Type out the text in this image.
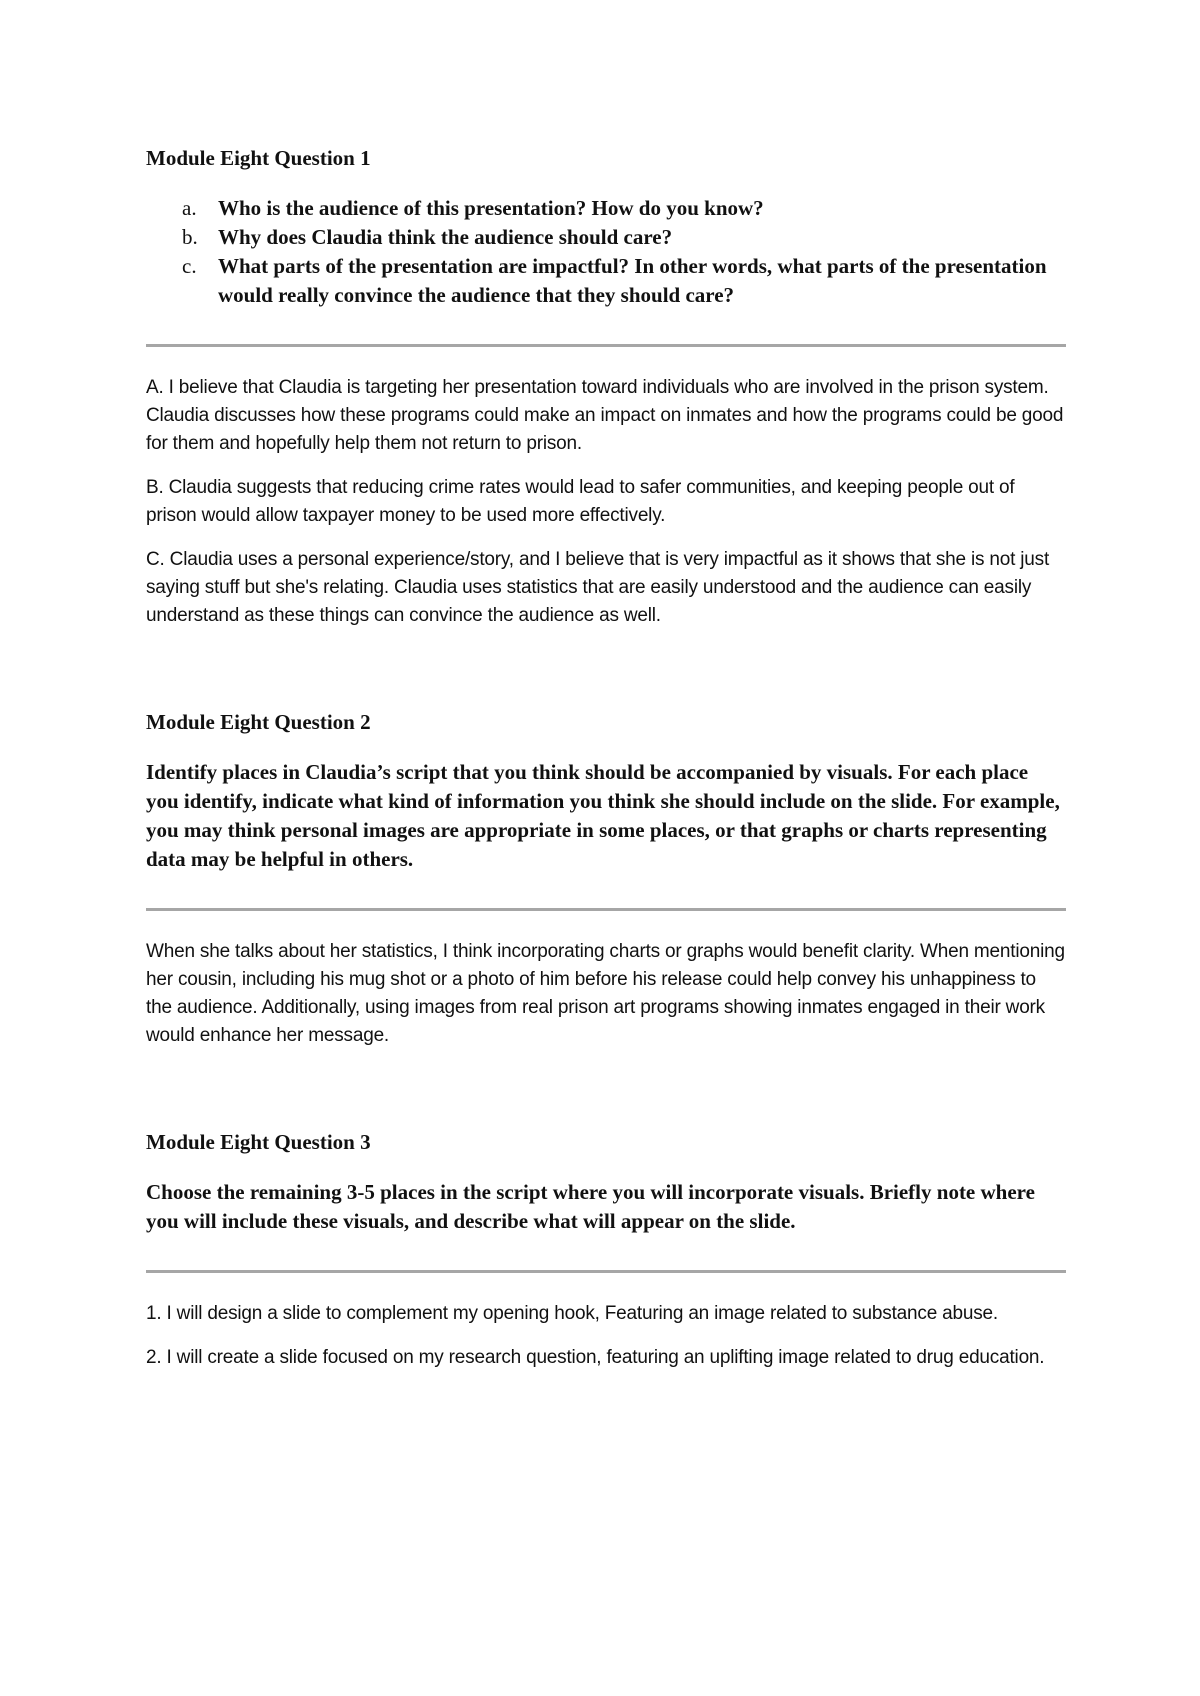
Module Eight Question 1
a. Who is the audience of this presentation? How do you know?
b. Why does Claudia think the audience should care?
c. What parts of the presentation are impactful? In other words, what parts of the presentation would really convince the audience that they should care?

A. I believe that Claudia is targeting her presentation toward individuals who are involved in the prison system. Claudia discusses how these programs could make an impact on inmates and how the programs could be good for them and hopefully help them not return to prison.

B. Claudia suggests that reducing crime rates would lead to safer communities, and keeping people out of prison would allow taxpayer money to be used more effectively.

C. Claudia uses a personal experience/story, and I believe that is very impactful as it shows that she is not just saying stuff but she's relating. Claudia uses statistics that are easily understood and the audience can easily understand as these things can convince the audience as well.

Module Eight Question 2

Identify places in Claudia’s script that you think should be accompanied by visuals. For each place you identify, indicate what kind of information you think she should include on the slide. For example, you may think personal images are appropriate in some places, or that graphs or charts representing data may be helpful in others.

When she talks about her statistics, I think incorporating charts or graphs would benefit clarity. When mentioning her cousin, including his mug shot or a photo of him before his release could help convey his unhappiness to the audience. Additionally, using images from real prison art programs showing inmates engaged in their work would enhance her message.

Module Eight Question 3

Choose the remaining 3-5 places in the script where you will incorporate visuals. Briefly note where you will include these visuals, and describe what will appear on the slide.

1. I will design a slide to complement my opening hook, Featuring an image related to substance abuse.

2. I will create a slide focused on my research question, featuring an uplifting image related to drug education.
